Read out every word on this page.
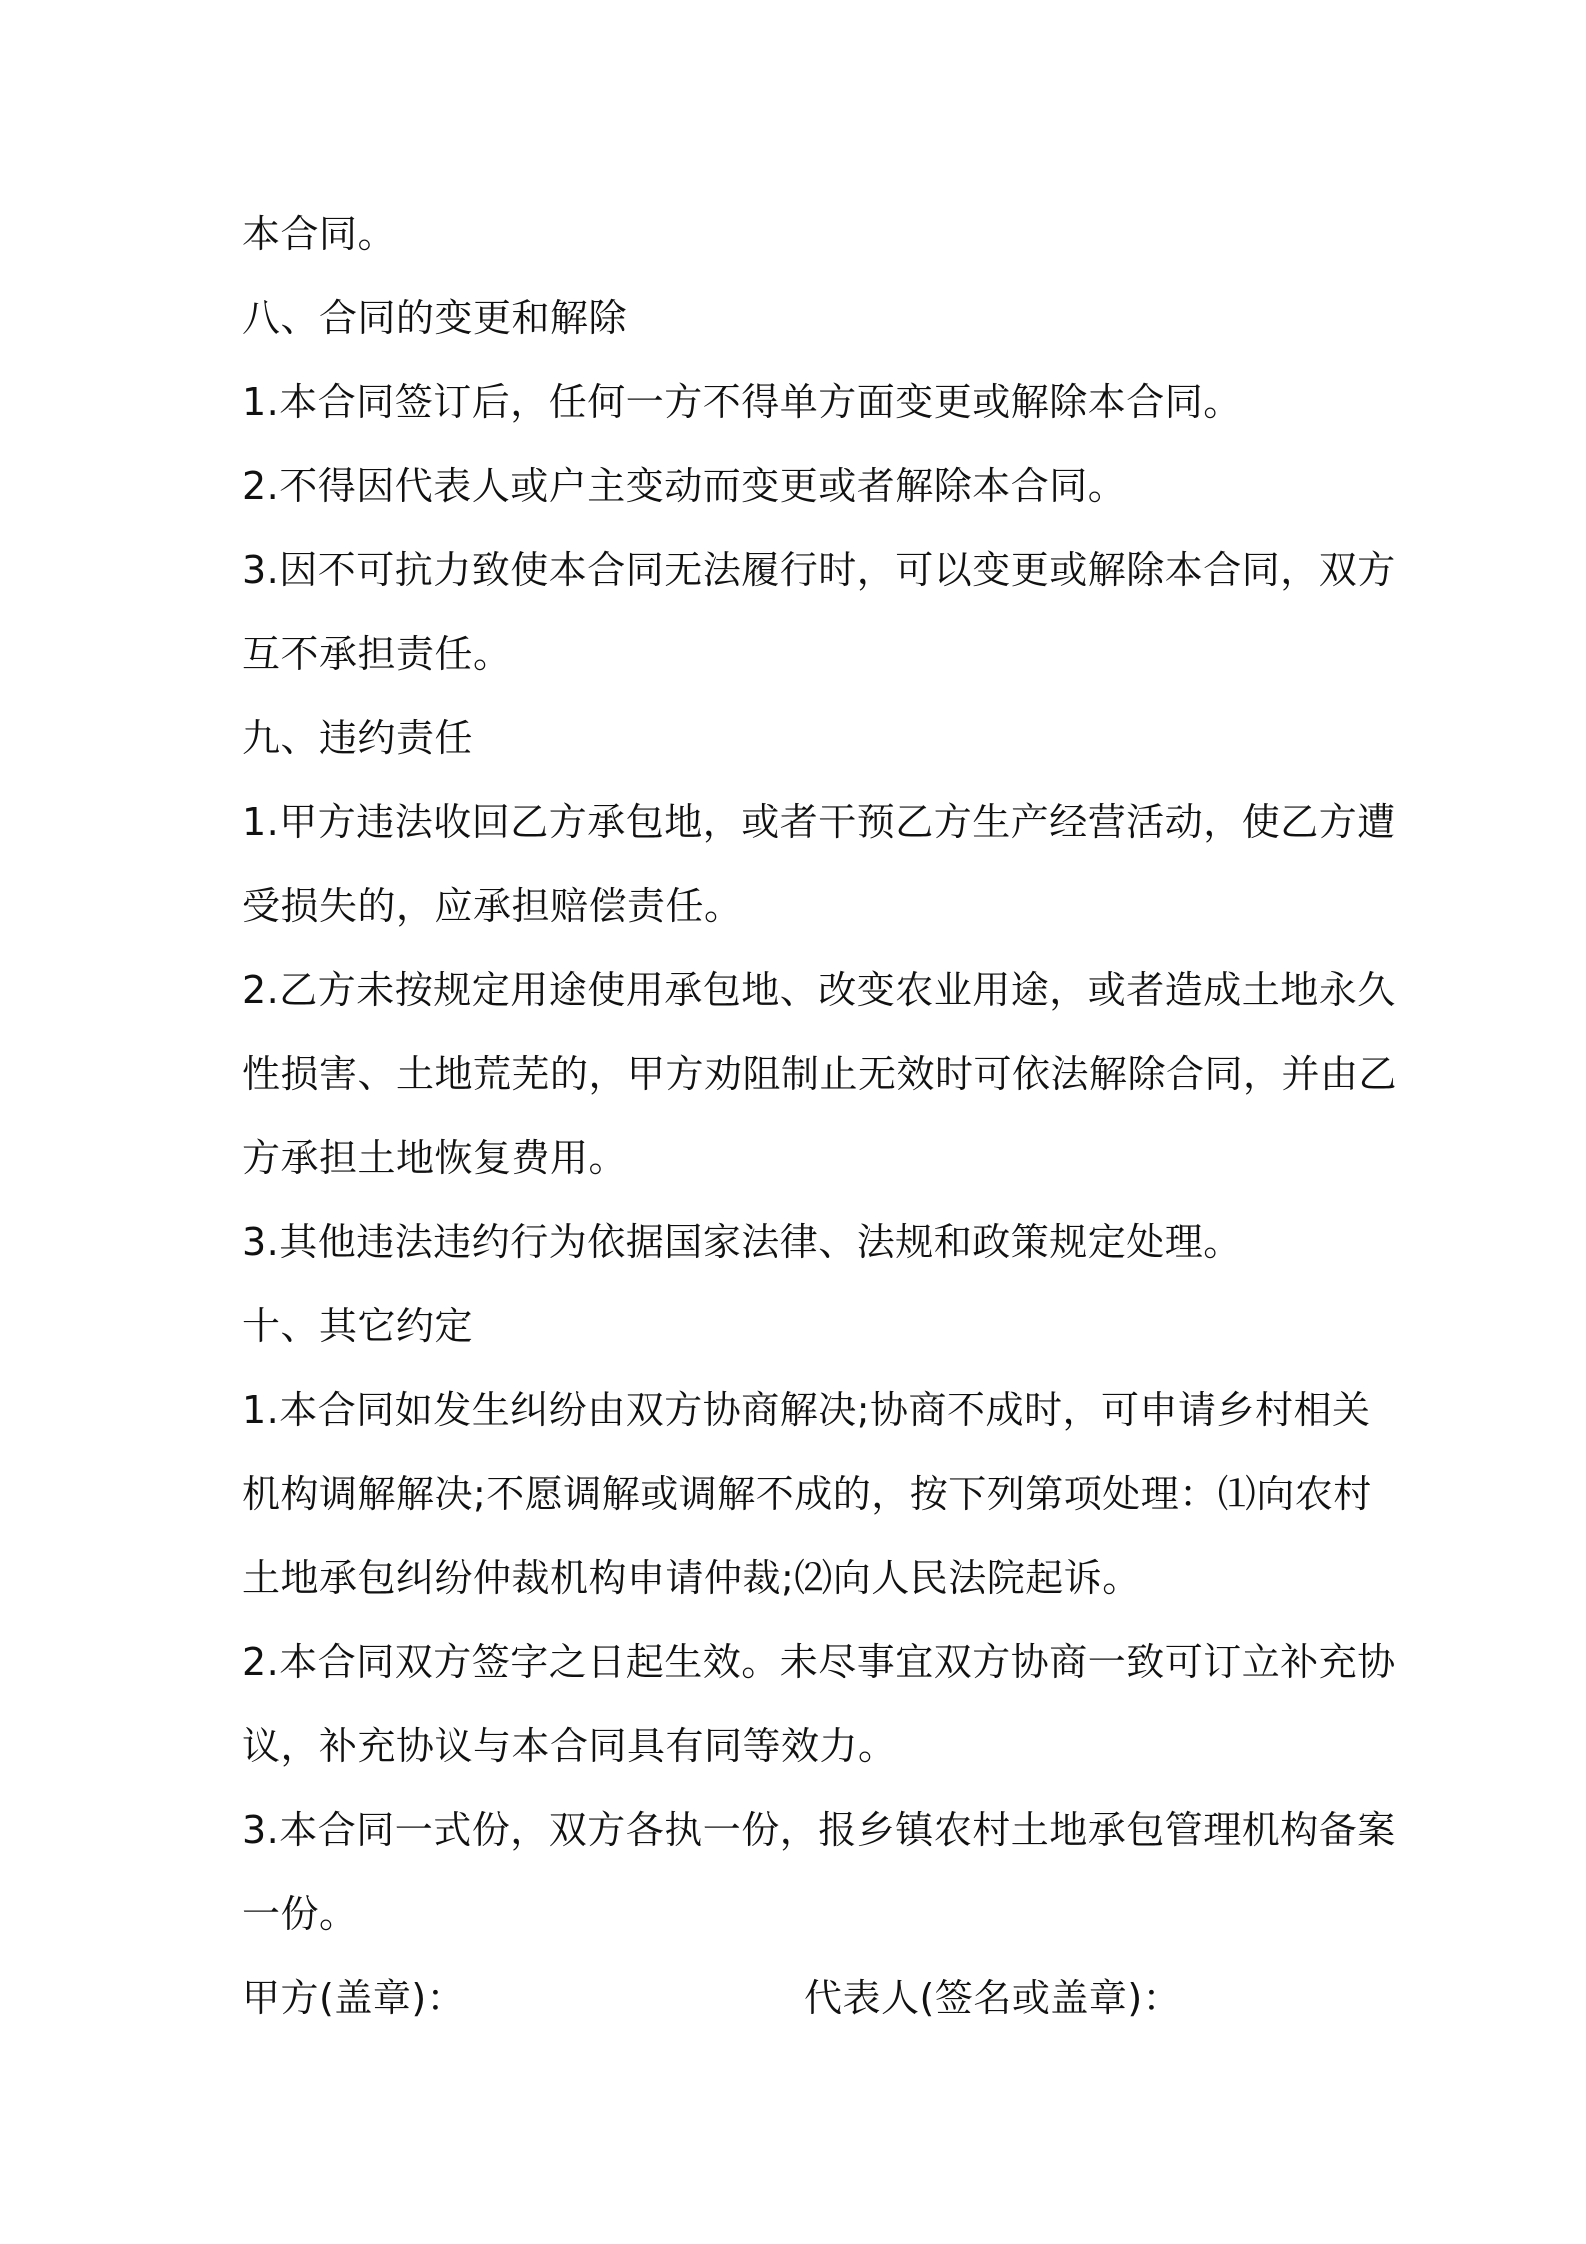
本合同。
八、合同的变更和解除
1.本合同签订后，任何一方不得单方面变更或解除本合同。
2.不得因代表人或户主变动而变更或者解除本合同。
3.因不可抗力致使本合同无法履行时，可以变更或解除本合同，双方
互不承担责任。
九、违约责任
1.甲方违法收回乙方承包地，或者干预乙方生产经营活动，使乙方遭
受损失的，应承担赔偿责任。
2.乙方未按规定用途使用承包地、改变农业用途，或者造成土地永久
性损害、土地荒芜的，甲方劝阻制止无效时可依法解除合同，并由乙
方承担土地恢复费用。
3.其他违法违约行为依据国家法律、法规和政策规定处理。
十、其它约定
1.本合同如发生纠纷由双方协商解决;协商不成时，可申请乡村相关
机构调解解决;不愿调解或调解不成的，按下列第项处理：⑴向农村
土地承包纠纷仲裁机构申请仲裁;⑵向人民法院起诉。
2.本合同双方签字之日起生效。未尽事宜双方协商一致可订立补充协
议，补充协议与本合同具有同等效力。
3.本合同一式份，双方各执一份，报乡镇农村土地承包管理机构备案
一份。
甲方(盖章)：	代表人(签名或盖章)：
